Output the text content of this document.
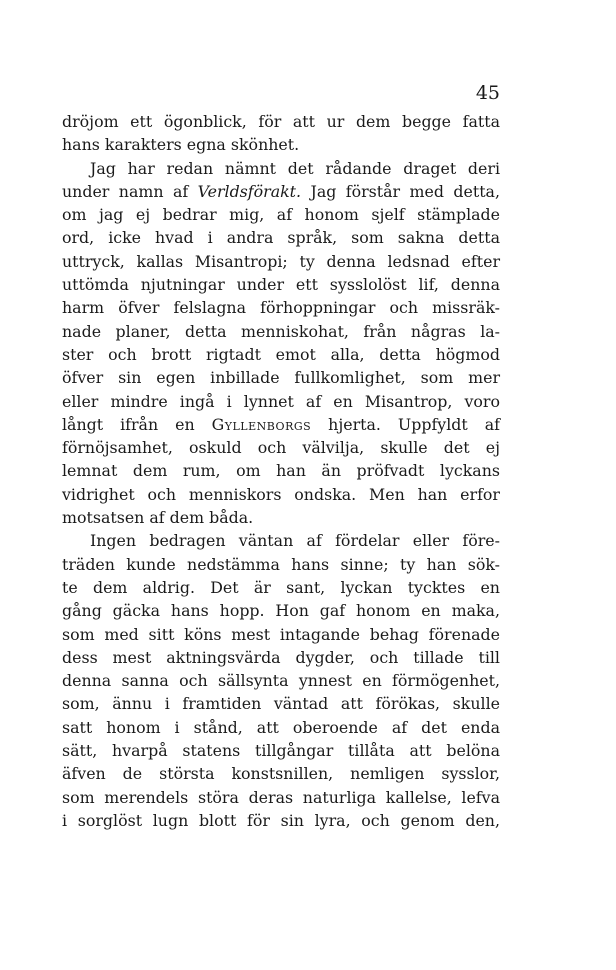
45
dröjom ett ögonblick, för att ur dem begge fatta
hans karakters egna skönhet.
Jag har redan nämnt det rådande draget deri
under namn af Verldsförakt. Jag förstår med detta,
om jag ej bedrar mig, af honom sjelf stämplade
ord, icke hvad i andra språk, som sakna detta
uttryck, kallas Misantropi; ty denna ledsnad efter
uttömda njutningar under ett sysslolöst lif, denna
harm öfver felslagna förhoppningar och missräk-
nade planer, detta menniskohat, från någras la-
ster och brott rigtadt emot alla, detta högmod
öfver sin egen inbillade fullkomlighet, som mer
eller mindre ingå i lynnet af en Misantrop, voro
långt ifrån en Gyllenborgs hjerta. Uppfyldt af
förnöjsamhet, oskuld och välvilja, skulle det ej
lemnat dem rum, om han än pröfvadt lyckans
vidrighet och menniskors ondska. Men han erfor
motsatsen af dem båda.
Ingen bedragen väntan af fördelar eller före-
träden kunde nedstämma hans sinne; ty han sök-
te dem aldrig. Det är sant, lyckan tycktes en
gång gäcka hans hopp. Hon gaf honom en maka,
som med sitt köns mest intagande behag förenade
dess mest aktningsvärda dygder, och tillade till
denna sanna och sällsynta ynnest en förmögenhet,
som, ännu i framtiden väntad att förökas, skulle
satt honom i stånd, att oberoende af det enda
sätt, hvarpå statens tillgångar tillåta att belöna
äfven de största konstsnillen, nemligen sysslor,
som merendels störa deras naturliga kallelse, lefva
i sorglöst lugn blott för sin lyra, och genom den,
